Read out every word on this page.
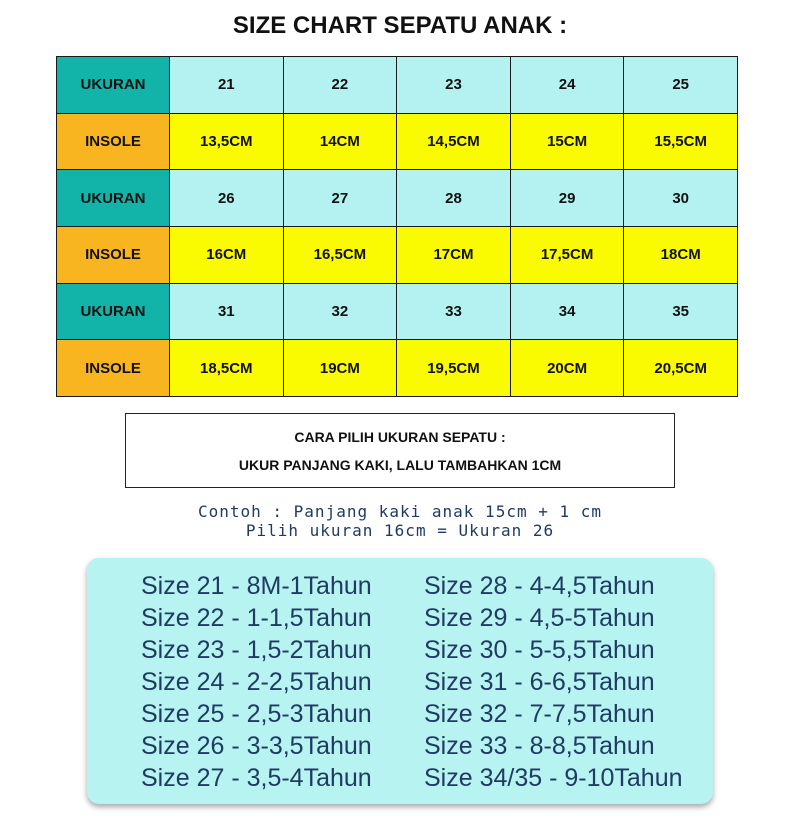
SIZE CHART SEPATU ANAK :
UKURAN	21	22	23	24	25
INSOLE	13,5CM	14CM	14,5CM	15CM	15,5CM
UKURAN	26	27	28	29	30
INSOLE	16CM	16,5CM	17CM	17,5CM	18CM
UKURAN	31	32	33	34	35
INSOLE	18,5CM	19CM	19,5CM	20CM	20,5CM
CARA PILIH UKURAN SEPATU :
UKUR PANJANG KAKI, LALU TAMBAHKAN 1CM
Contoh : Panjang kaki anak 15cm + 1 cm
Pilih ukuran 16cm = Ukuran 26
Size 21 - 8M-1Tahun
Size 22 - 1-1,5Tahun
Size 23 - 1,5-2Tahun
Size 24 - 2-2,5Tahun
Size 25 - 2,5-3Tahun
Size 26 - 3-3,5Tahun
Size 27 - 3,5-4Tahun
Size 28 - 4-4,5Tahun
Size 29 - 4,5-5Tahun
Size 30 - 5-5,5Tahun
Size 31 - 6-6,5Tahun
Size 32 - 7-7,5Tahun
Size 33 - 8-8,5Tahun
Size 34/35 - 9-10Tahun
